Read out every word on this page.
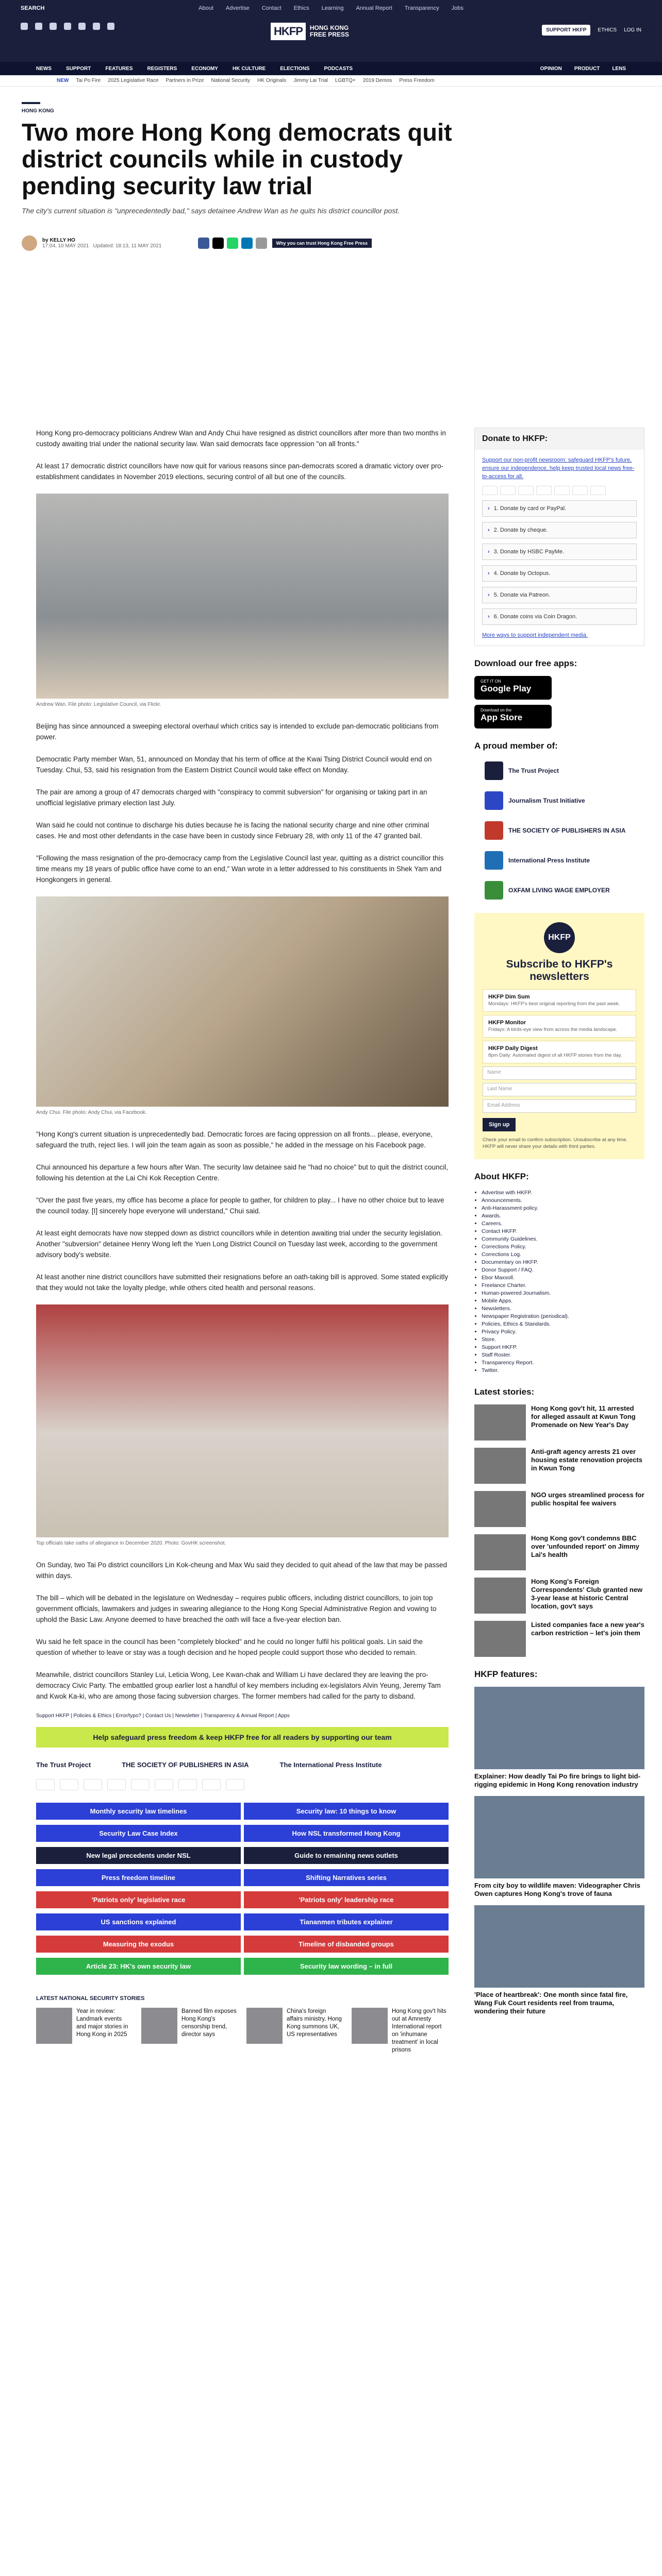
SEARCH	About Advertise Contact Ethics Learning Annual Report Transparency Jobs
HKFP	HONG KONG FREE PRESS
SUPPORT HKFP	ETHICS LOG IN
NEWS	SUPPORT	FEATURES	REGISTERS	ECONOMY	HK CULTURE	ELECTIONS	PODCASTS	OPINION PRODUCT LENS
NEW Tai Po Fire 2025 Legislative Race Partners in Prize National Security HK Originals Jimmy Lai Trial LGBTQ+ 2019 Demos Press Freedom
HONG KONG
Two more Hong Kong democrats quit district councils while in custody pending security law trial
The city's current situation is "unprecedentedly bad," says detainee Andrew Wan as he quits his district councillor post.
by KELLY HO
17:04, 10 MAY 2021 Updated: 18:13, 11 MAY 2021	Why you can trust Hong Kong Free Press

Hong Kong pro-democracy politicians Andrew Wan and Andy Chui have resigned as district councillors after more than two months in custody awaiting trial under the national security law. Wan said democrats face oppression "on all fronts."

At least 17 democratic district councillors have now quit for various reasons since pan-democrats scored a dramatic victory over pro-establishment candidates in November 2019 elections, securing control of all but one of the councils.

Andrew Wan. File photo: Legislative Council, via Flickr.

Beijing has since announced a sweeping electoral overhaul which critics say is intended to exclude pan-democratic politicians from power.

Democratic Party member Wan, 51, announced on Monday that his term of office at the Kwai Tsing District Council would end on Tuesday. Chui, 53, said his resignation from the Eastern District Council would take effect on Monday.

The pair are among a group of 47 democrats charged with "conspiracy to commit subversion" for organising or taking part in an unofficial legislative primary election last July.

Wan said he could not continue to discharge his duties because he is facing the national security charge and nine other criminal cases. He and most other defendants in the case have been in custody since February 28, with only 11 of the 47 granted bail.

"Following the mass resignation of the pro-democracy camp from the Legislative Council last year, quitting as a district councillor this time means my 18 years of public office have come to an end," Wan wrote in a letter addressed to his constituents in Shek Yam and Hongkongers in general.

Andy Chui. File photo: Andy Chui, via Facebook.

"Hong Kong's current situation is unprecedentedly bad. Democratic forces are facing oppression on all fronts... please, everyone, safeguard the truth, reject lies. I will join the team again as soon as possible," he added in the message on his Facebook page.

Chui announced his departure a few hours after Wan. The security law detainee said he "had no choice" but to quit the district council, following his detention at the Lai Chi Kok Reception Centre.

"Over the past five years, my office has become a place for people to gather, for children to play... I have no other choice but to leave the council today. [I] sincerely hope everyone will understand," Chui said.

At least eight democrats have now stepped down as district councillors while in detention awaiting trial under the security legislation. Another "subversion" detainee Henry Wong left the Yuen Long District Council on Tuesday last week, according to the government advisory body's website.

At least another nine district councillors have submitted their resignations before an oath-taking bill is approved. Some stated explicitly that they would not take the loyalty pledge, while others cited health and personal reasons.

Top officials take oaths of allegiance in December 2020. Photo: GovHK screenshot.

On Sunday, two Tai Po district councillors Lin Kok-cheung and Max Wu said they decided to quit ahead of the law that may be passed within days.

The bill – which will be debated in the legislature on Wednesday – requires public officers, including district councillors, to join top government officials, lawmakers and judges in swearing allegiance to the Hong Kong Special Administrative Region and vowing to uphold the Basic Law. Anyone deemed to have breached the oath will face a five-year election ban.

Wu said he felt space in the council has been "completely blocked" and he could no longer fulfil his political goals. Lin said the question of whether to leave or stay was a tough decision and he hoped people could support those who decided to remain.

Meanwhile, district councillors Stanley Lui, Leticia Wong, Lee Kwan-chak and William Li have declared they are leaving the pro-democracy Civic Party. The embattled group earlier lost a handful of key members including ex-legislators Alvin Yeung, Jeremy Tam and Kwok Ka-ki, who are among those facing subversion charges. The former members had called for the party to disband.

Support HKFP | Policies & Ethics | Error/typo? | Contact Us | Newsletter | Transparency & Annual Report | Apps
Help safeguard press freedom & keep HKFP free for all readers by supporting our team
The Trust Project	THE SOCIETY OF PUBLISHERS IN ASIA	The International Press Institute
Monthly security law timelines	Security law: 10 things to know
Security Law Case Index	How NSL transformed Hong Kong
New legal precedents under NSL	Guide to remaining news outlets
Press freedom timeline	Shifting Narratives series
'Patriots only' legislative race	'Patriots only' leadership race
US sanctions explained	Tiananmen tributes explainer
Measuring the exodus	Timeline of disbanded groups
Article 23: HK's own security law	Security law wording – in full
LATEST NATIONAL SECURITY STORIES
Year in review: Landmark events and major stories in Hong Kong in 2025
Banned film exposes Hong Kong's censorship trend, director says
China's foreign affairs ministry, Hong Kong summons UK, US representatives
Hong Kong gov't hits out at Amnesty International report on 'inhumane treatment' in local prisons
Donate to HKFP:
Support our non-profit newsroom: safeguard HKFP's future, ensure our independence, help keep trusted local news free-to-access for all.
› 1. Donate by card or PayPal.
› 2. Donate by cheque.
› 3. Donate by HSBC PayMe.
› 4. Donate by Octopus.
› 5. Donate via Patreon.
› 6. Donate coins via Coin Dragon.
More ways to support independent media.
Download our free apps:
GET IT ON
Google Play
Download on the
App Store
A proud member of:
The Trust Project
Journalism Trust Initiative
THE SOCIETY OF PUBLISHERS IN ASIA
International Press Institute
OXFAM LIVING WAGE EMPLOYER
HKFP
Subscribe to HKFP's newsletters
HKFP Dim Sum
Mondays: HKFP's best original reporting from the past week.
HKFP Monitor
Fridays: A birds-eye view from across the media landscape.
HKFP Daily Digest
8pm Daily: Automated digest of all HKFP stories from the day.
Name
Last Name
Email Address
Sign up
Check your email to confirm subscription. Unsubscribe at any time. HKFP will never share your details with third parties.
About HKFP:
• Advertise with HKFP.
• Announcements.
• Anti-Harassment policy.
• Awards.
• Careers.
• Contact HKFP.
• Community Guidelines.
• Corrections Policy.
• Corrections Log.
• Documentary on HKFP.
• Donor Support / FAQ.
• Ebor Maxsoll.
• Freelance Charter.
• Human-powered Journalism.
• Mobile Apps.
• Newsletters.
• Newspaper Registration (periodical).
• Policies, Ethics & Standards.
• Privacy Policy.
• Store.
• Support HKFP.
• Staff Roster.
• Transparency Report.
• Twitter.
Latest stories:
Hong Kong gov't hit, 11 arrested for alleged assault at Kwun Tong Promenade on New Year's Day
Anti-graft agency arrests 21 over housing estate renovation projects in Kwun Tong
NGO urges streamlined process for public hospital fee waivers
Hong Kong gov't condemns BBC over 'unfounded report' on Jimmy Lai's health
Hong Kong's Foreign Correspondents' Club granted new 3-year lease at historic Central location, gov't says
Listed companies face a new year's carbon restriction – let's join them
HKFP features:
Explainer: How deadly Tai Po fire brings to light bid-rigging epidemic in Hong Kong renovation industry
From city boy to wildlife maven: Videographer Chris Owen captures Hong Kong's trove of fauna
'Place of heartbreak': One month since fatal fire, Wang Fuk Court residents reel from trauma, wondering their future
